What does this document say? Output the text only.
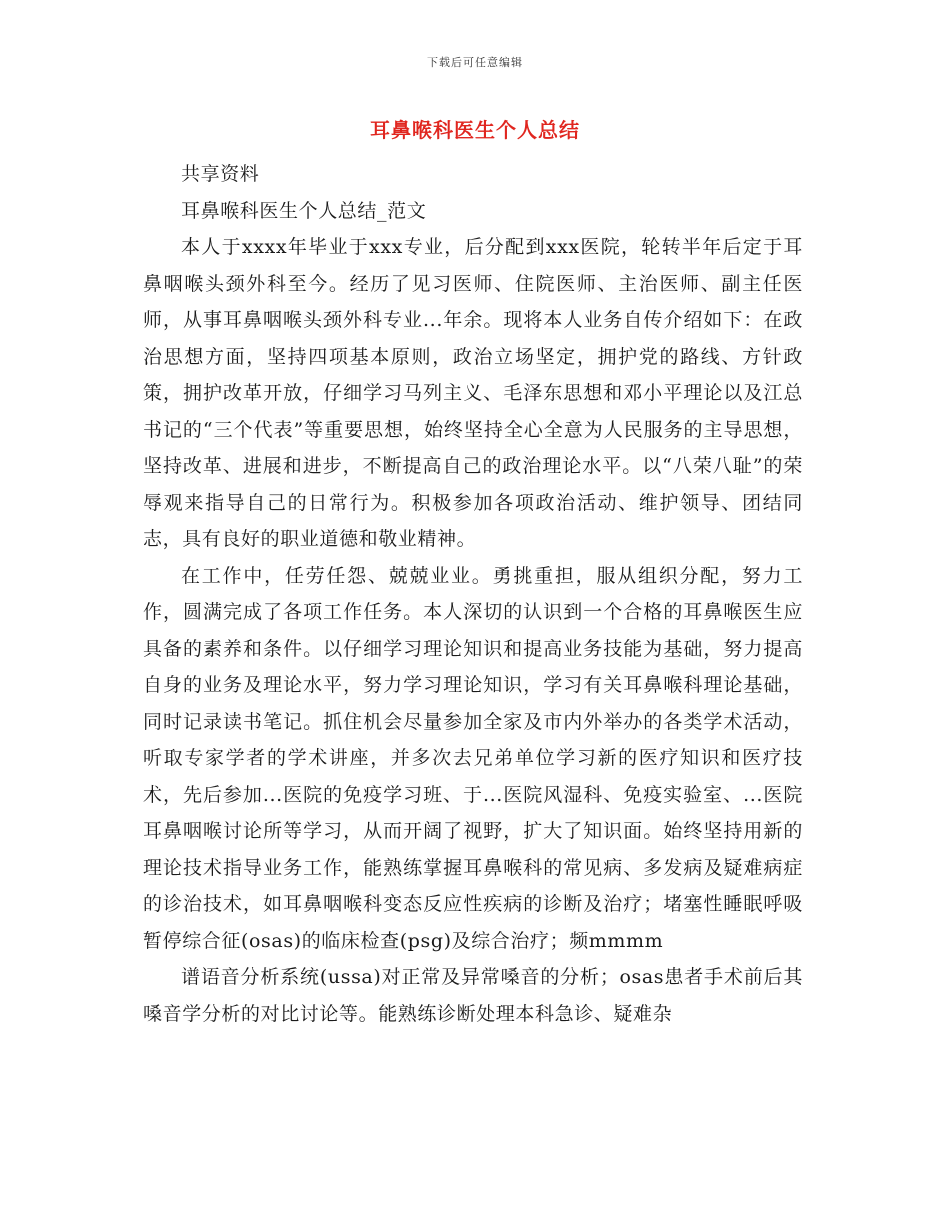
下载后可任意编辑
耳鼻喉科医生个人总结

共享资料

耳鼻喉科医生个人总结_范文

本人于xxxx年毕业于xxx专业，后分配到xxx医院，轮转半年后定于耳鼻咽喉头颈外科至今。经历了见习医师、住院医师、主治医师、副主任医师，从事耳鼻咽喉头颈外科专业...年余。现将本人业务自传介绍如下：在政治思想方面，坚持四项基本原则，政治立场坚定，拥护党的路线、方针政策，拥护改革开放，仔细学习马列主义、毛泽东思想和邓小平理论以及江总书记的“三个代表”等重要思想，始终坚持全心全意为人民服务的主导思想，坚持改革、进展和进步，不断提高自己的政治理论水平。以“八荣八耻”的荣辱观来指导自己的日常行为。积极参加各项政治活动、维护领导、团结同志，具有良好的职业道德和敬业精神。

在工作中，任劳任怨、兢兢业业。勇挑重担，服从组织分配，努力工作，圆满完成了各项工作任务。本人深切的认识到一个合格的耳鼻喉医生应具备的素养和条件。以仔细学习理论知识和提高业务技能为基础，努力提高自身的业务及理论水平，努力学习理论知识，学习有关耳鼻喉科理论基础，同时记录读书笔记。抓住机会尽量参加全家及市内外举办的各类学术活动，听取专家学者的学术讲座，并多次去兄弟单位学习新的医疗知识和医疗技术，先后参加...医院的免疫学习班、于...医院风湿科、免疫实验室、...医院耳鼻咽喉讨论所等学习，从而开阔了视野，扩大了知识面。始终坚持用新的理论技术指导业务工作，能熟练掌握耳鼻喉科的常见病、多发病及疑难病症的诊治技术，如耳鼻咽喉科变态反应性疾病的诊断及治疗；堵塞性睡眠呼吸暂停综合征(osas)的临床检查(psg)及综合治疗；频mmmm

谱语音分析系统(ussa)对正常及异常嗓音的分析；osas患者手术前后其嗓音学分析的对比讨论等。能熟练诊断处理本科急诊、疑难杂
